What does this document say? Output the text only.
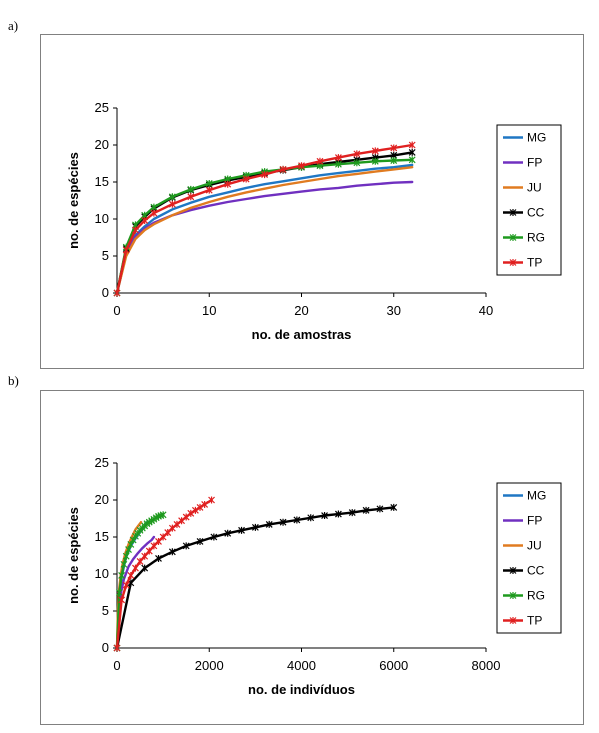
a)
b)
0
5
10
15
20
25
0	10	20	30	40
no. de amostras
no. de espécies
MG
FP
JU
CC
RG
TP
0
5
10
15
20
25
0	2000	4000	6000	8000
no. de indivíduos
no. de espécies
MG
FP
JU
CC
RG
TP
